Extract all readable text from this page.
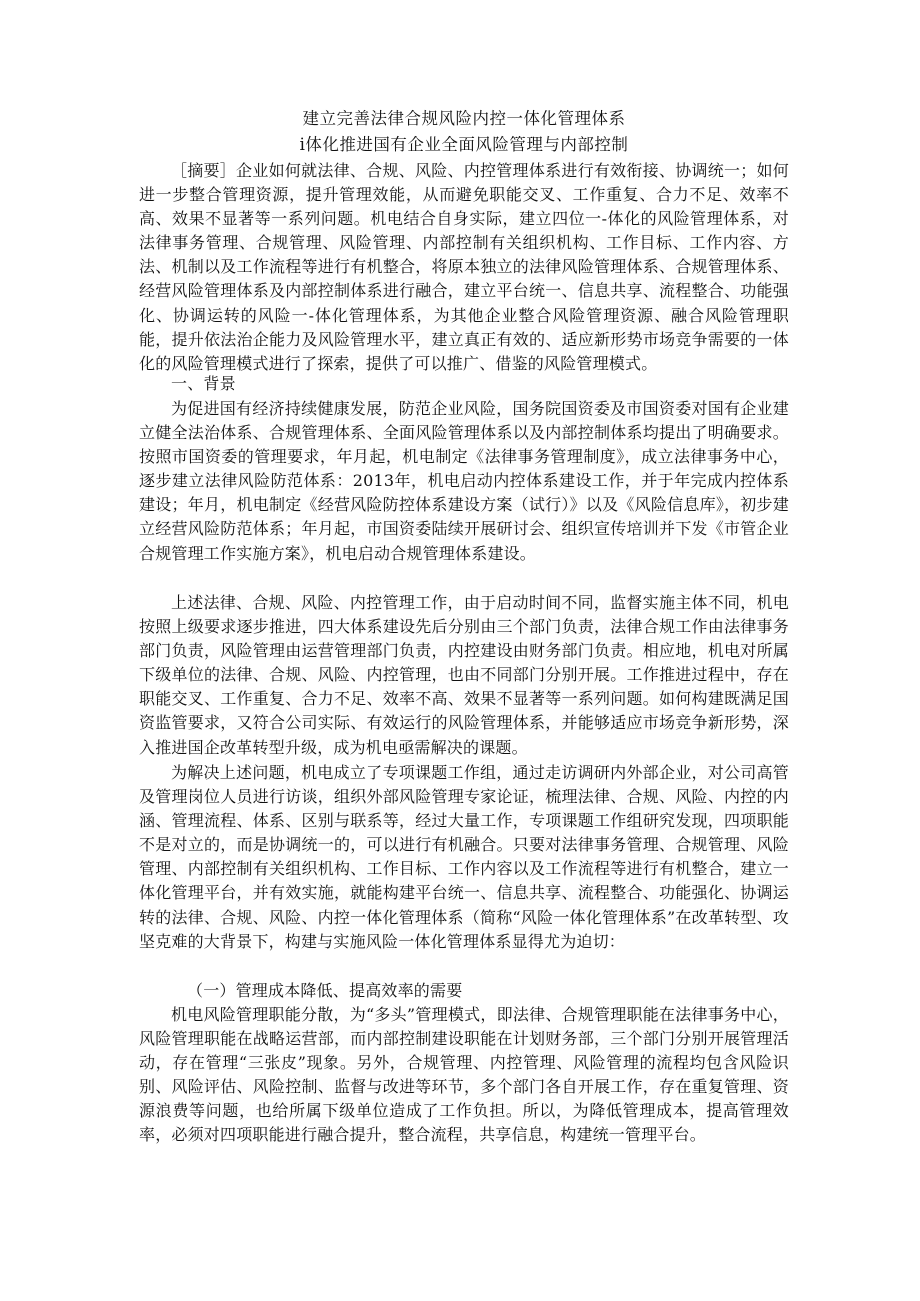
建立完善法律合规风险内控一体化管理体系
i体化推进国有企业全面风险管理与内部控制

［摘要］企业如何就法律、合规、风险、内控管理体系进行有效衔接、协调统一；如何进一步整合管理资源，提升管理效能，从而避免职能交叉、工作重复、合力不足、效率不高、效果不显著等一系列问题。机电结合自身实际，建立四位一-体化的风险管理体系，对法律事务管理、合规管理、风险管理、内部控制有关组织机构、工作目标、工作内容、方法、机制以及工作流程等进行有机整合，将原本独立的法律风险管理体系、合规管理体系、经营风险管理体系及内部控制体系进行融合，建立平台统一、信息共享、流程整合、功能强化、协调运转的风险一-体化管理体系，为其他企业整合风险管理资源、融合风险管理职能，提升依法治企能力及风险管理水平，建立真正有效的、适应新形势市场竞争需要的一体化的风险管理模式进行了探索，提供了可以推广、借鉴的风险管理模式。

一、背景

为促进国有经济持续健康发展，防范企业风险，国务院国资委及市国资委对国有企业建立健全法治体系、合规管理体系、全面风险管理体系以及内部控制体系均提出了明确要求。按照市国资委的管理要求，年月起，机电制定《法律事务管理制度》，成立法律事务中心，逐步建立法律风险防范体系：2013年，机电启动内控体系建设工作，并于年完成内控体系建设；年月，机电制定《经营风险防控体系建设方案（试行）》以及《风险信息库》，初步建立经营风险防范体系；年月起，市国资委陆续开展研讨会、组织宣传培训并下发《市管企业合规管理工作实施方案》，机电启动合规管理体系建设。

上述法律、合规、风险、内控管理工作，由于启动时间不同，监督实施主体不同，机电按照上级要求逐步推进，四大体系建设先后分别由三个部门负责，法律合规工作由法律事务部门负责，风险管理由运营管理部门负责，内控建设由财务部门负责。相应地，机电对所属下级单位的法律、合规、风险、内控管理，也由不同部门分别开展。工作推进过程中，存在职能交叉、工作重复、合力不足、效率不高、效果不显著等一系列问题。如何构建既满足国资监管要求，又符合公司实际、有效运行的风险管理体系，并能够适应市场竞争新形势，深入推进国企改革转型升级，成为机电亟需解决的课题。

为解决上述问题，机电成立了专项课题工作组，通过走访调研内外部企业，对公司高管及管理岗位人员进行访谈，组织外部风险管理专家论证，梳理法律、合规、风险、内控的内涵、管理流程、体系、区别与联系等，经过大量工作，专项课题工作组研究发现，四项职能不是对立的，而是协调统一的，可以进行有机融合。只要对法律事务管理、合规管理、风险管理、内部控制有关组织机构、工作目标、工作内容以及工作流程等进行有机整合，建立一体化管理平台，并有效实施，就能构建平台统一、信息共享、流程整合、功能强化、协调运转的法律、合规、风险、内控一体化管理体系（简称“风险一体化管理体系”在改革转型、攻坚克难的大背景下，构建与实施风险一体化管理体系显得尤为迫切：

（一）管理成本降低、提高效率的需要

机电风险管理职能分散，为“多头”管理模式，即法律、合规管理职能在法律事务中心，风险管理职能在战略运营部，而内部控制建设职能在计划财务部，三个部门分别开展管理活动，存在管理“三张皮”现象。另外，合规管理、内控管理、风险管理的流程均包含风险识别、风险评估、风险控制、监督与改进等环节，多个部门各自开展工作，存在重复管理、资源浪费等问题，也给所属下级单位造成了工作负担。所以，为降低管理成本，提高管理效率，必须对四项职能进行融合提升，整合流程，共享信息，构建统一管理平台。
